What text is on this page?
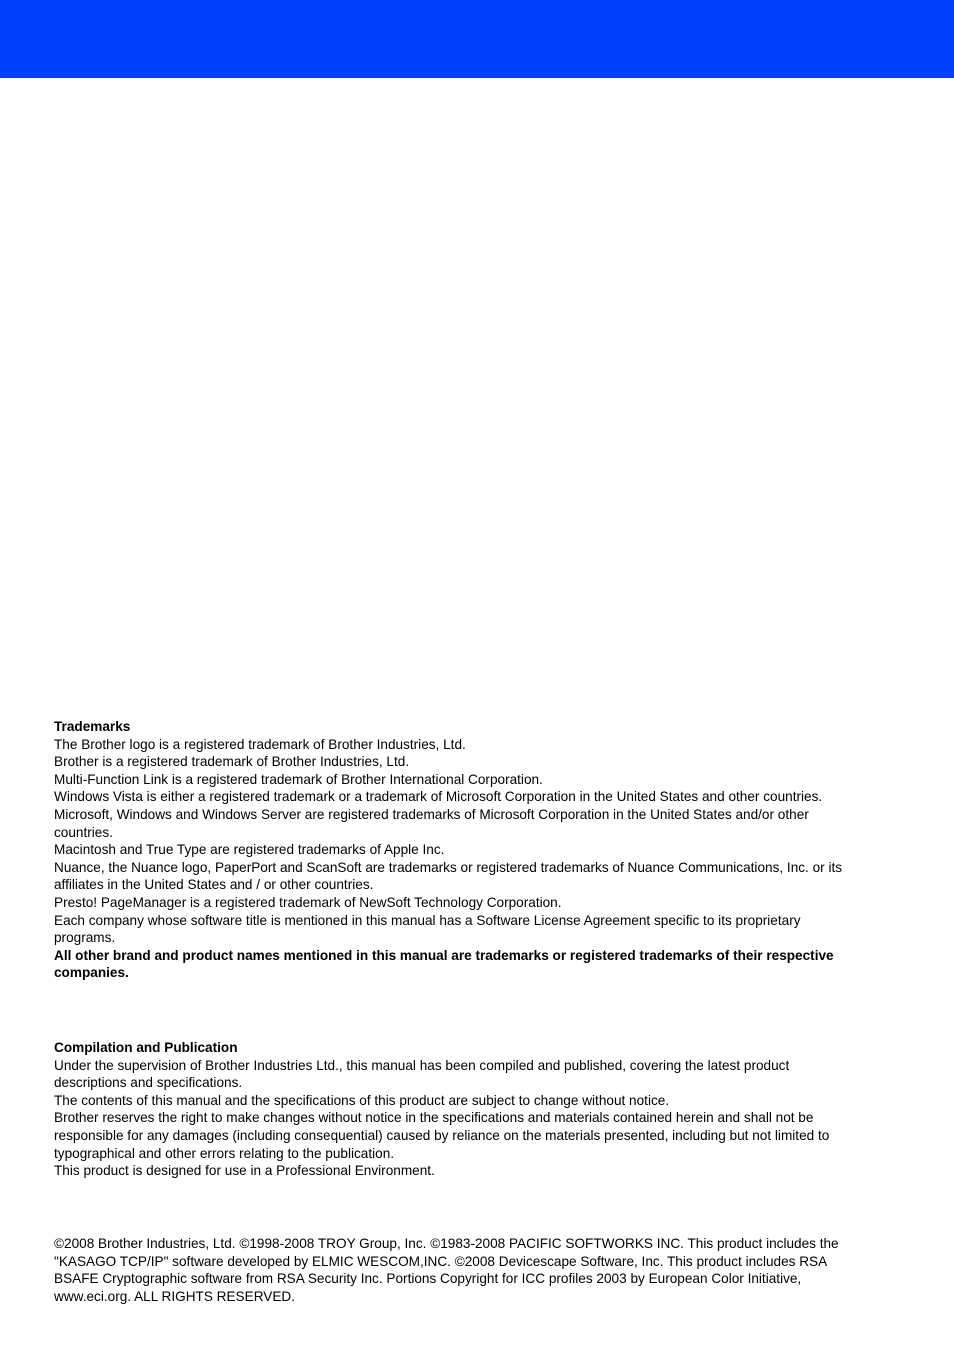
Trademarks

The Brother logo is a registered trademark of Brother Industries, Ltd.

Brother is a registered trademark of Brother Industries, Ltd.

Multi-Function Link is a registered trademark of Brother International Corporation.

Windows Vista is either a registered trademark or a trademark of Microsoft Corporation in the United States and other countries.

Microsoft, Windows and Windows Server are registered trademarks of Microsoft Corporation in the United States and/or other countries.

Macintosh and True Type are registered trademarks of Apple Inc.

Nuance, the Nuance logo, PaperPort and ScanSoft are trademarks or registered trademarks of Nuance Communications, Inc. or its affiliates in the United States and / or other countries.

Presto! PageManager is a registered trademark of NewSoft Technology Corporation.

Each company whose software title is mentioned in this manual has a Software License Agreement specific to its proprietary programs.

All other brand and product names mentioned in this manual are trademarks or registered trademarks of their respective companies.

Compilation and Publication

Under the supervision of Brother Industries Ltd., this manual has been compiled and published, covering the latest product descriptions and specifications.

The contents of this manual and the specifications of this product are subject to change without notice.

Brother reserves the right to make changes without notice in the specifications and materials contained herein and shall not be responsible for any damages (including consequential) caused by reliance on the materials presented, including but not limited to typographical and other errors relating to the publication.

This product is designed for use in a Professional Environment.

©2008 Brother Industries, Ltd. ©1998-2008 TROY Group, Inc. ©1983-2008 PACIFIC SOFTWORKS INC. This product includes the "KASAGO TCP/IP" software developed by ELMIC WESCOM,INC. ©2008 Devicescape Software, Inc. This product includes RSA BSAFE Cryptographic software from RSA Security Inc. Portions Copyright for ICC profiles 2003 by European Color Initiative, www.eci.org. ALL RIGHTS RESERVED.
